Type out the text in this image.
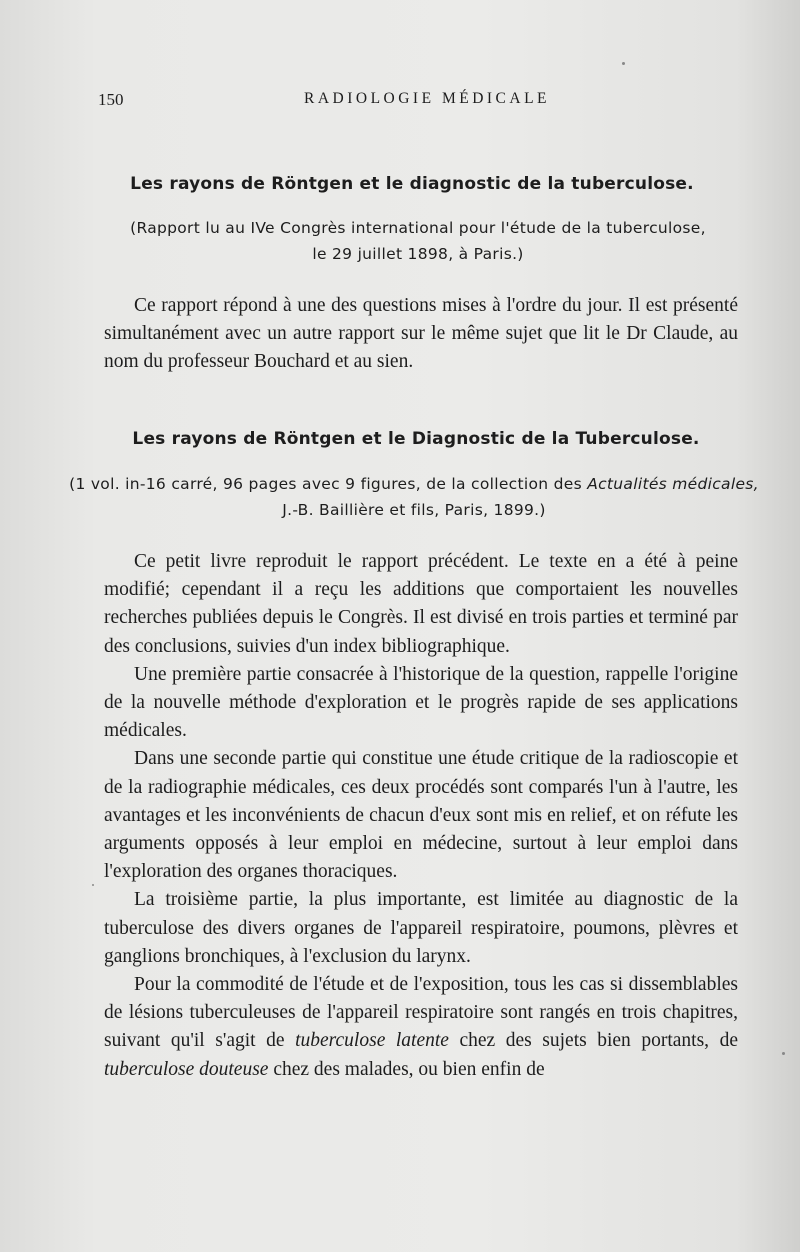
150	RADIOLOGIE MÉDICALE
Les rayons de Röntgen et le diagnostic de la tuberculose.
(Rapport lu au IVe Congrès international pour l'étude de la tuberculose,
le 29 juillet 1898, à Paris.)

Ce rapport répond à une des questions mises à l'ordre du jour. Il est présenté simultanément avec un autre rapport sur le même sujet que lit le Dr Claude, au nom du professeur Bouchard et au sien.

Les rayons de Röntgen et le Diagnostic de la Tuberculose.
(1 vol. in-16 carré, 96 pages avec 9 figures, de la collection des Actualités médicales,
J.-B. Baillière et fils, Paris, 1899.)

Ce petit livre reproduit le rapport précédent. Le texte en a été à peine modifié; cependant il a reçu les additions que comportaient les nouvelles recherches publiées depuis le Congrès. Il est divisé en trois parties et terminé par des conclusions, suivies d'un index bibliographique.

Une première partie consacrée à l'historique de la question, rappelle l'origine de la nouvelle méthode d'exploration et le progrès rapide de ses applications médicales.

Dans une seconde partie qui constitue une étude critique de la radioscopie et de la radiographie médicales, ces deux procédés sont comparés l'un à l'autre, les avantages et les inconvénients de chacun d'eux sont mis en relief, et on réfute les arguments opposés à leur emploi en médecine, surtout à leur emploi dans l'exploration des organes thoraciques.

La troisième partie, la plus importante, est limitée au diagnostic de la tuberculose des divers organes de l'appareil respiratoire, poumons, plèvres et ganglions bronchiques, à l'exclusion du larynx.

Pour la commodité de l'étude et de l'exposition, tous les cas si dissemblables de lésions tuberculeuses de l'appareil respiratoire sont rangés en trois chapitres, suivant qu'il s'agit de tuberculose latente chez des sujets bien portants, de tuberculose douteuse chez des malades, ou bien enfin de
